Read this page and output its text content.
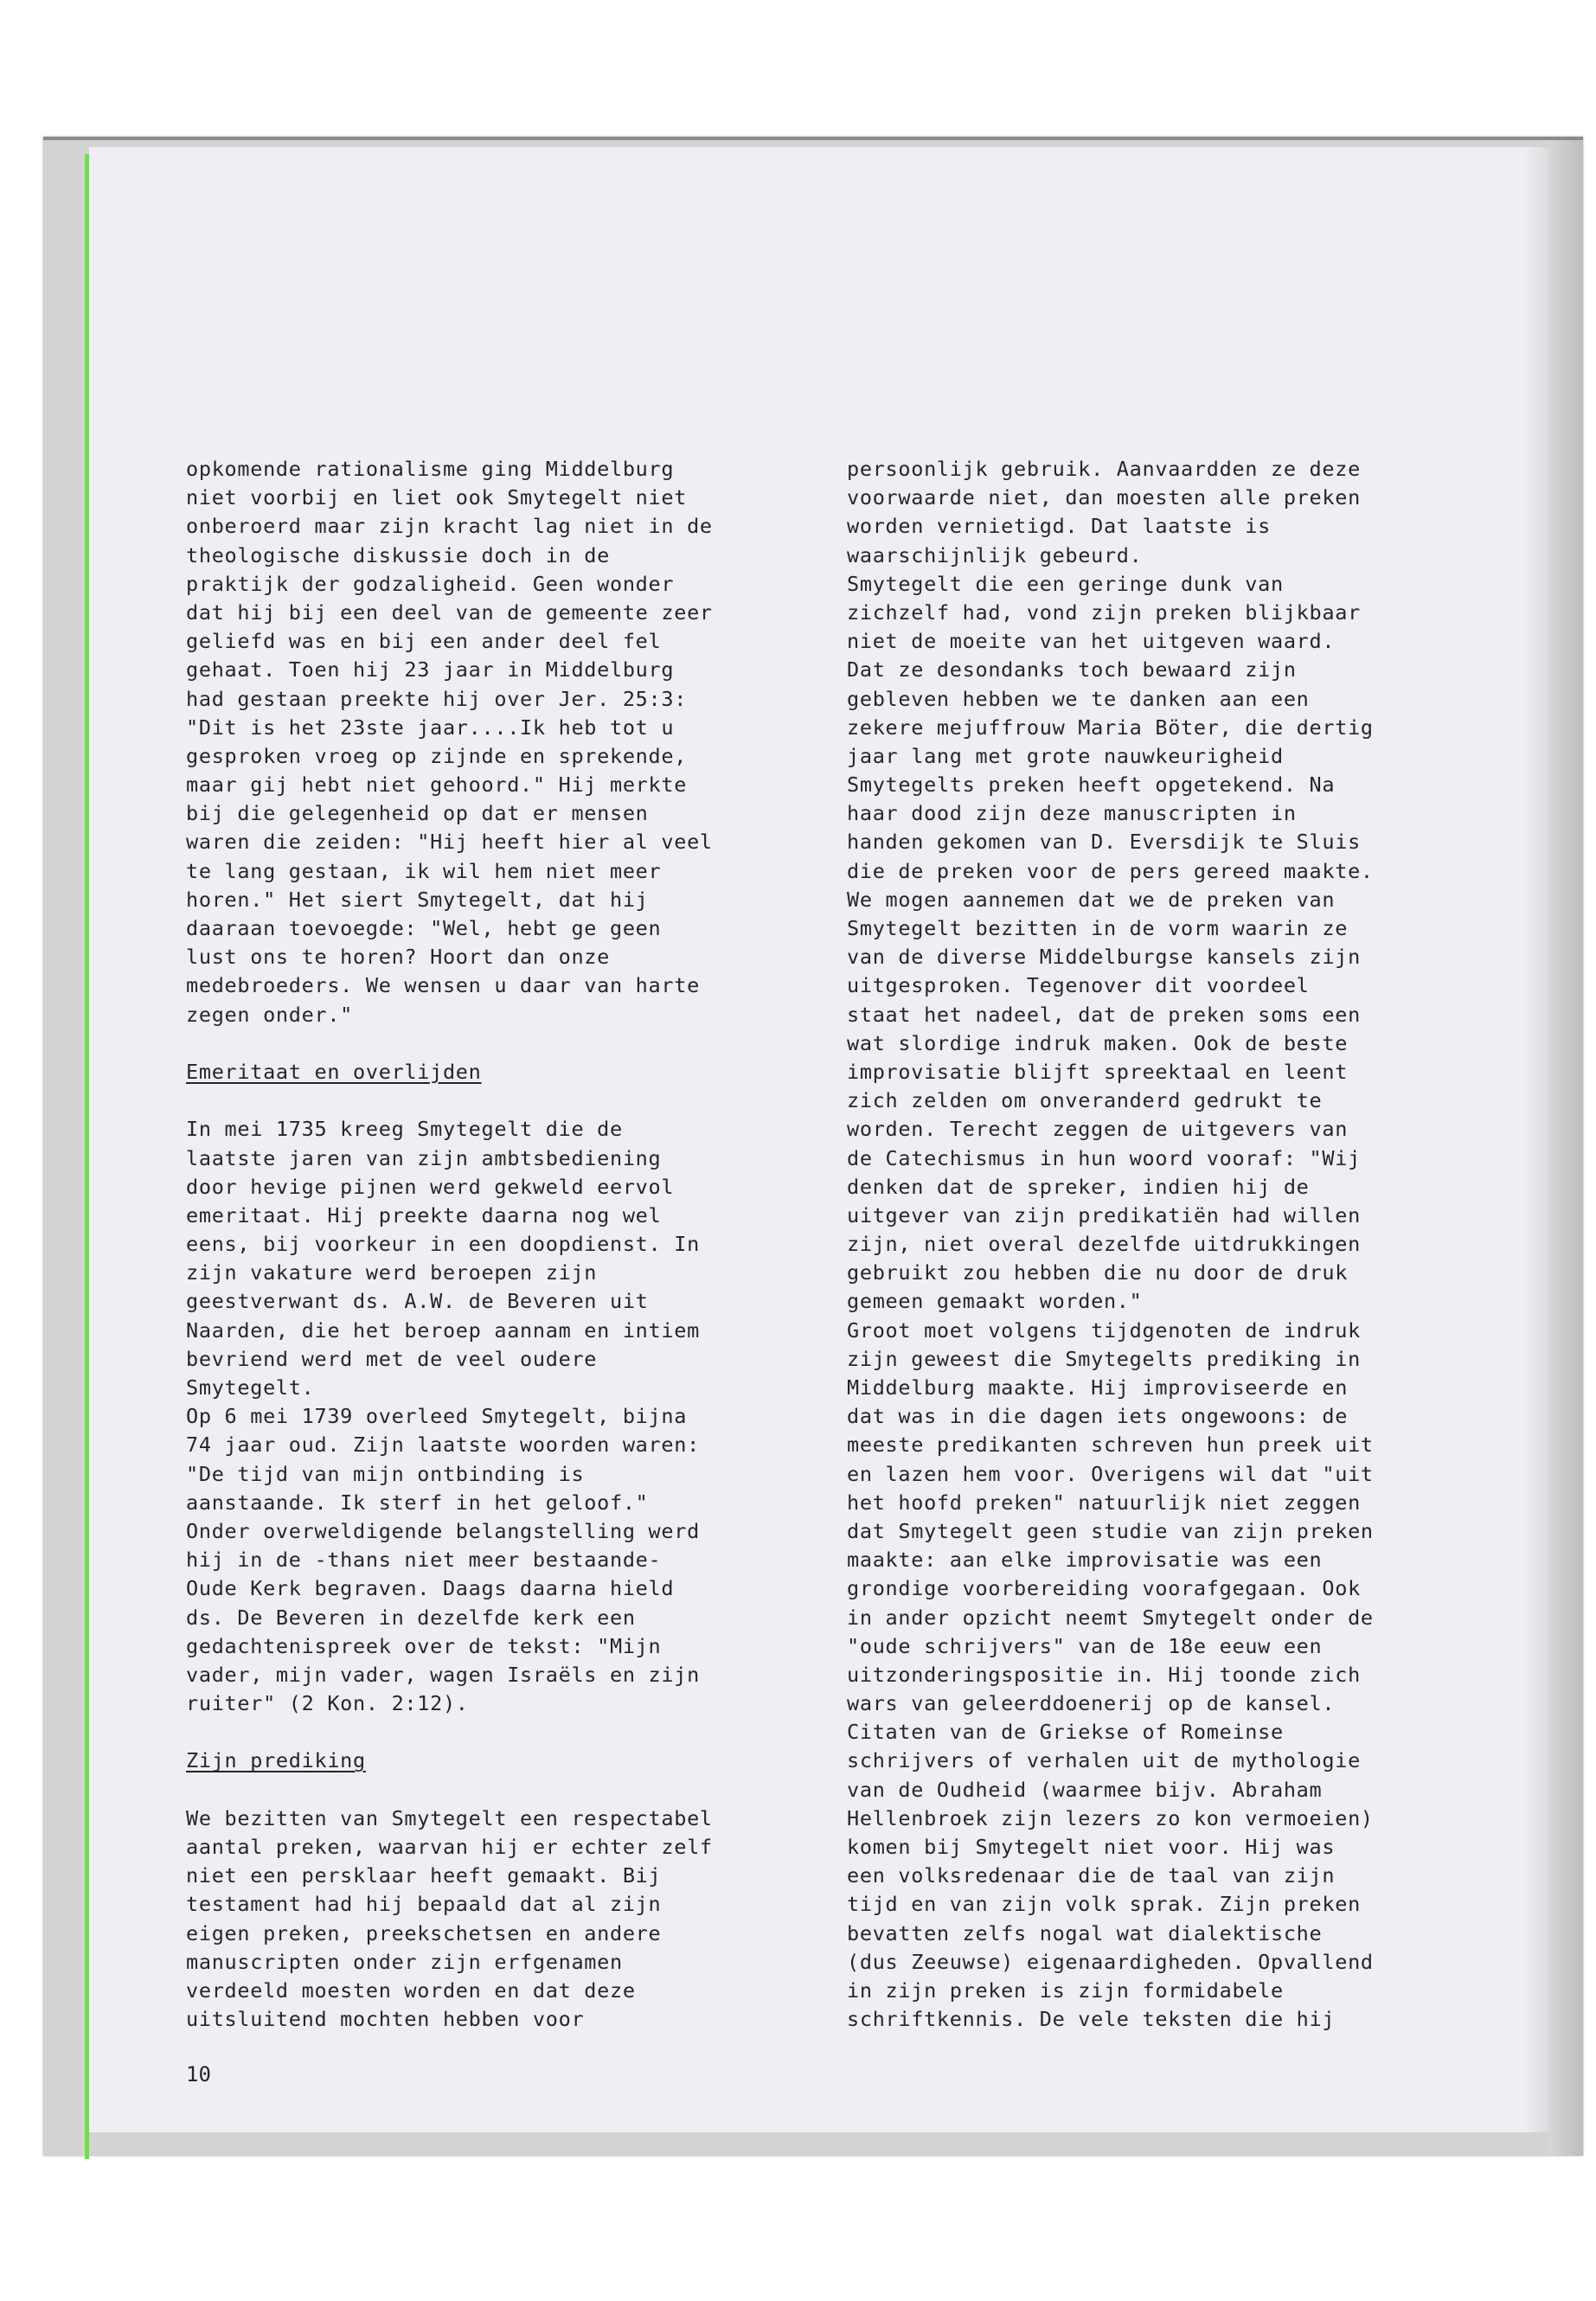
opkomende rationalisme ging Middelburg
niet voorbij en liet ook Smytegelt niet
onberoerd maar zijn kracht lag niet in de
theologische diskussie doch in de
praktijk der godzaligheid. Geen wonder
dat hij bij een deel van de gemeente zeer
geliefd was en bij een ander deel fel
gehaat. Toen hij 23 jaar in Middelburg
had gestaan preekte hij over Jer. 25:3:
"Dit is het 23ste jaar....Ik heb tot u
gesproken vroeg op zijnde en sprekende,
maar gij hebt niet gehoord." Hij merkte
bij die gelegenheid op dat er mensen
waren die zeiden: "Hij heeft hier al veel
te lang gestaan, ik wil hem niet meer
horen." Het siert Smytegelt, dat hij
daaraan toevoegde: "Wel, hebt ge geen
lust ons te horen? Hoort dan onze
medebroeders. We wensen u daar van harte
zegen onder."
Emeritaat en overlijden
In mei 1735 kreeg Smytegelt die de
laatste jaren van zijn ambtsbediening
door hevige pijnen werd gekweld eervol
emeritaat. Hij preekte daarna nog wel
eens, bij voorkeur in een doopdienst. In
zijn vakature werd beroepen zijn
geestverwant ds. A.W. de Beveren uit
Naarden, die het beroep aannam en intiem
bevriend werd met de veel oudere
Smytegelt.
Op 6 mei 1739 overleed Smytegelt, bijna
74 jaar oud. Zijn laatste woorden waren:
"De tijd van mijn ontbinding is
aanstaande. Ik sterf in het geloof."
Onder overweldigende belangstelling werd
hij in de -thans niet meer bestaande-
Oude Kerk begraven. Daags daarna hield
ds. De Beveren in dezelfde kerk een
gedachtenispreek over de tekst: "Mijn
vader, mijn vader, wagen Israëls en zijn
ruiter" (2 Kon. 2:12).
Zijn prediking
We bezitten van Smytegelt een respectabel
aantal preken, waarvan hij er echter zelf
niet een persklaar heeft gemaakt. Bij
testament had hij bepaald dat al zijn
eigen preken, preekschetsen en andere
manuscripten onder zijn erfgenamen
verdeeld moesten worden en dat deze
uitsluitend mochten hebben voor
persoonlijk gebruik. Aanvaardden ze deze
voorwaarde niet, dan moesten alle preken
worden vernietigd. Dat laatste is
waarschijnlijk gebeurd.
Smytegelt die een geringe dunk van
zichzelf had, vond zijn preken blijkbaar
niet de moeite van het uitgeven waard.
Dat ze desondanks toch bewaard zijn
gebleven hebben we te danken aan een
zekere mejuffrouw Maria Böter, die dertig
jaar lang met grote nauwkeurigheid
Smytegelts preken heeft opgetekend. Na
haar dood zijn deze manuscripten in
handen gekomen van D. Eversdijk te Sluis
die de preken voor de pers gereed maakte.
We mogen aannemen dat we de preken van
Smytegelt bezitten in de vorm waarin ze
van de diverse Middelburgse kansels zijn
uitgesproken. Tegenover dit voordeel
staat het nadeel, dat de preken soms een
wat slordige indruk maken. Ook de beste
improvisatie blijft spreektaal en leent
zich zelden om onveranderd gedrukt te
worden. Terecht zeggen de uitgevers van
de Catechismus in hun woord vooraf: "Wij
denken dat de spreker, indien hij de
uitgever van zijn predikatiën had willen
zijn, niet overal dezelfde uitdrukkingen
gebruikt zou hebben die nu door de druk
gemeen gemaakt worden."
Groot moet volgens tijdgenoten de indruk
zijn geweest die Smytegelts prediking in
Middelburg maakte. Hij improviseerde en
dat was in die dagen iets ongewoons: de
meeste predikanten schreven hun preek uit
en lazen hem voor. Overigens wil dat "uit
het hoofd preken" natuurlijk niet zeggen
dat Smytegelt geen studie van zijn preken
maakte: aan elke improvisatie was een
grondige voorbereiding voorafgegaan. Ook
in ander opzicht neemt Smytegelt onder de
"oude schrijvers" van de 18e eeuw een
uitzonderingspositie in. Hij toonde zich
wars van geleerddoenerij op de kansel.
Citaten van de Griekse of Romeinse
schrijvers of verhalen uit de mythologie
van de Oudheid (waarmee bijv. Abraham
Hellenbroek zijn lezers zo kon vermoeien)
komen bij Smytegelt niet voor. Hij was
een volksredenaar die de taal van zijn
tijd en van zijn volk sprak. Zijn preken
bevatten zelfs nogal wat dialektische
(dus Zeeuwse) eigenaardigheden. Opvallend
in zijn preken is zijn formidabele
schriftkennis. De vele teksten die hij
10
